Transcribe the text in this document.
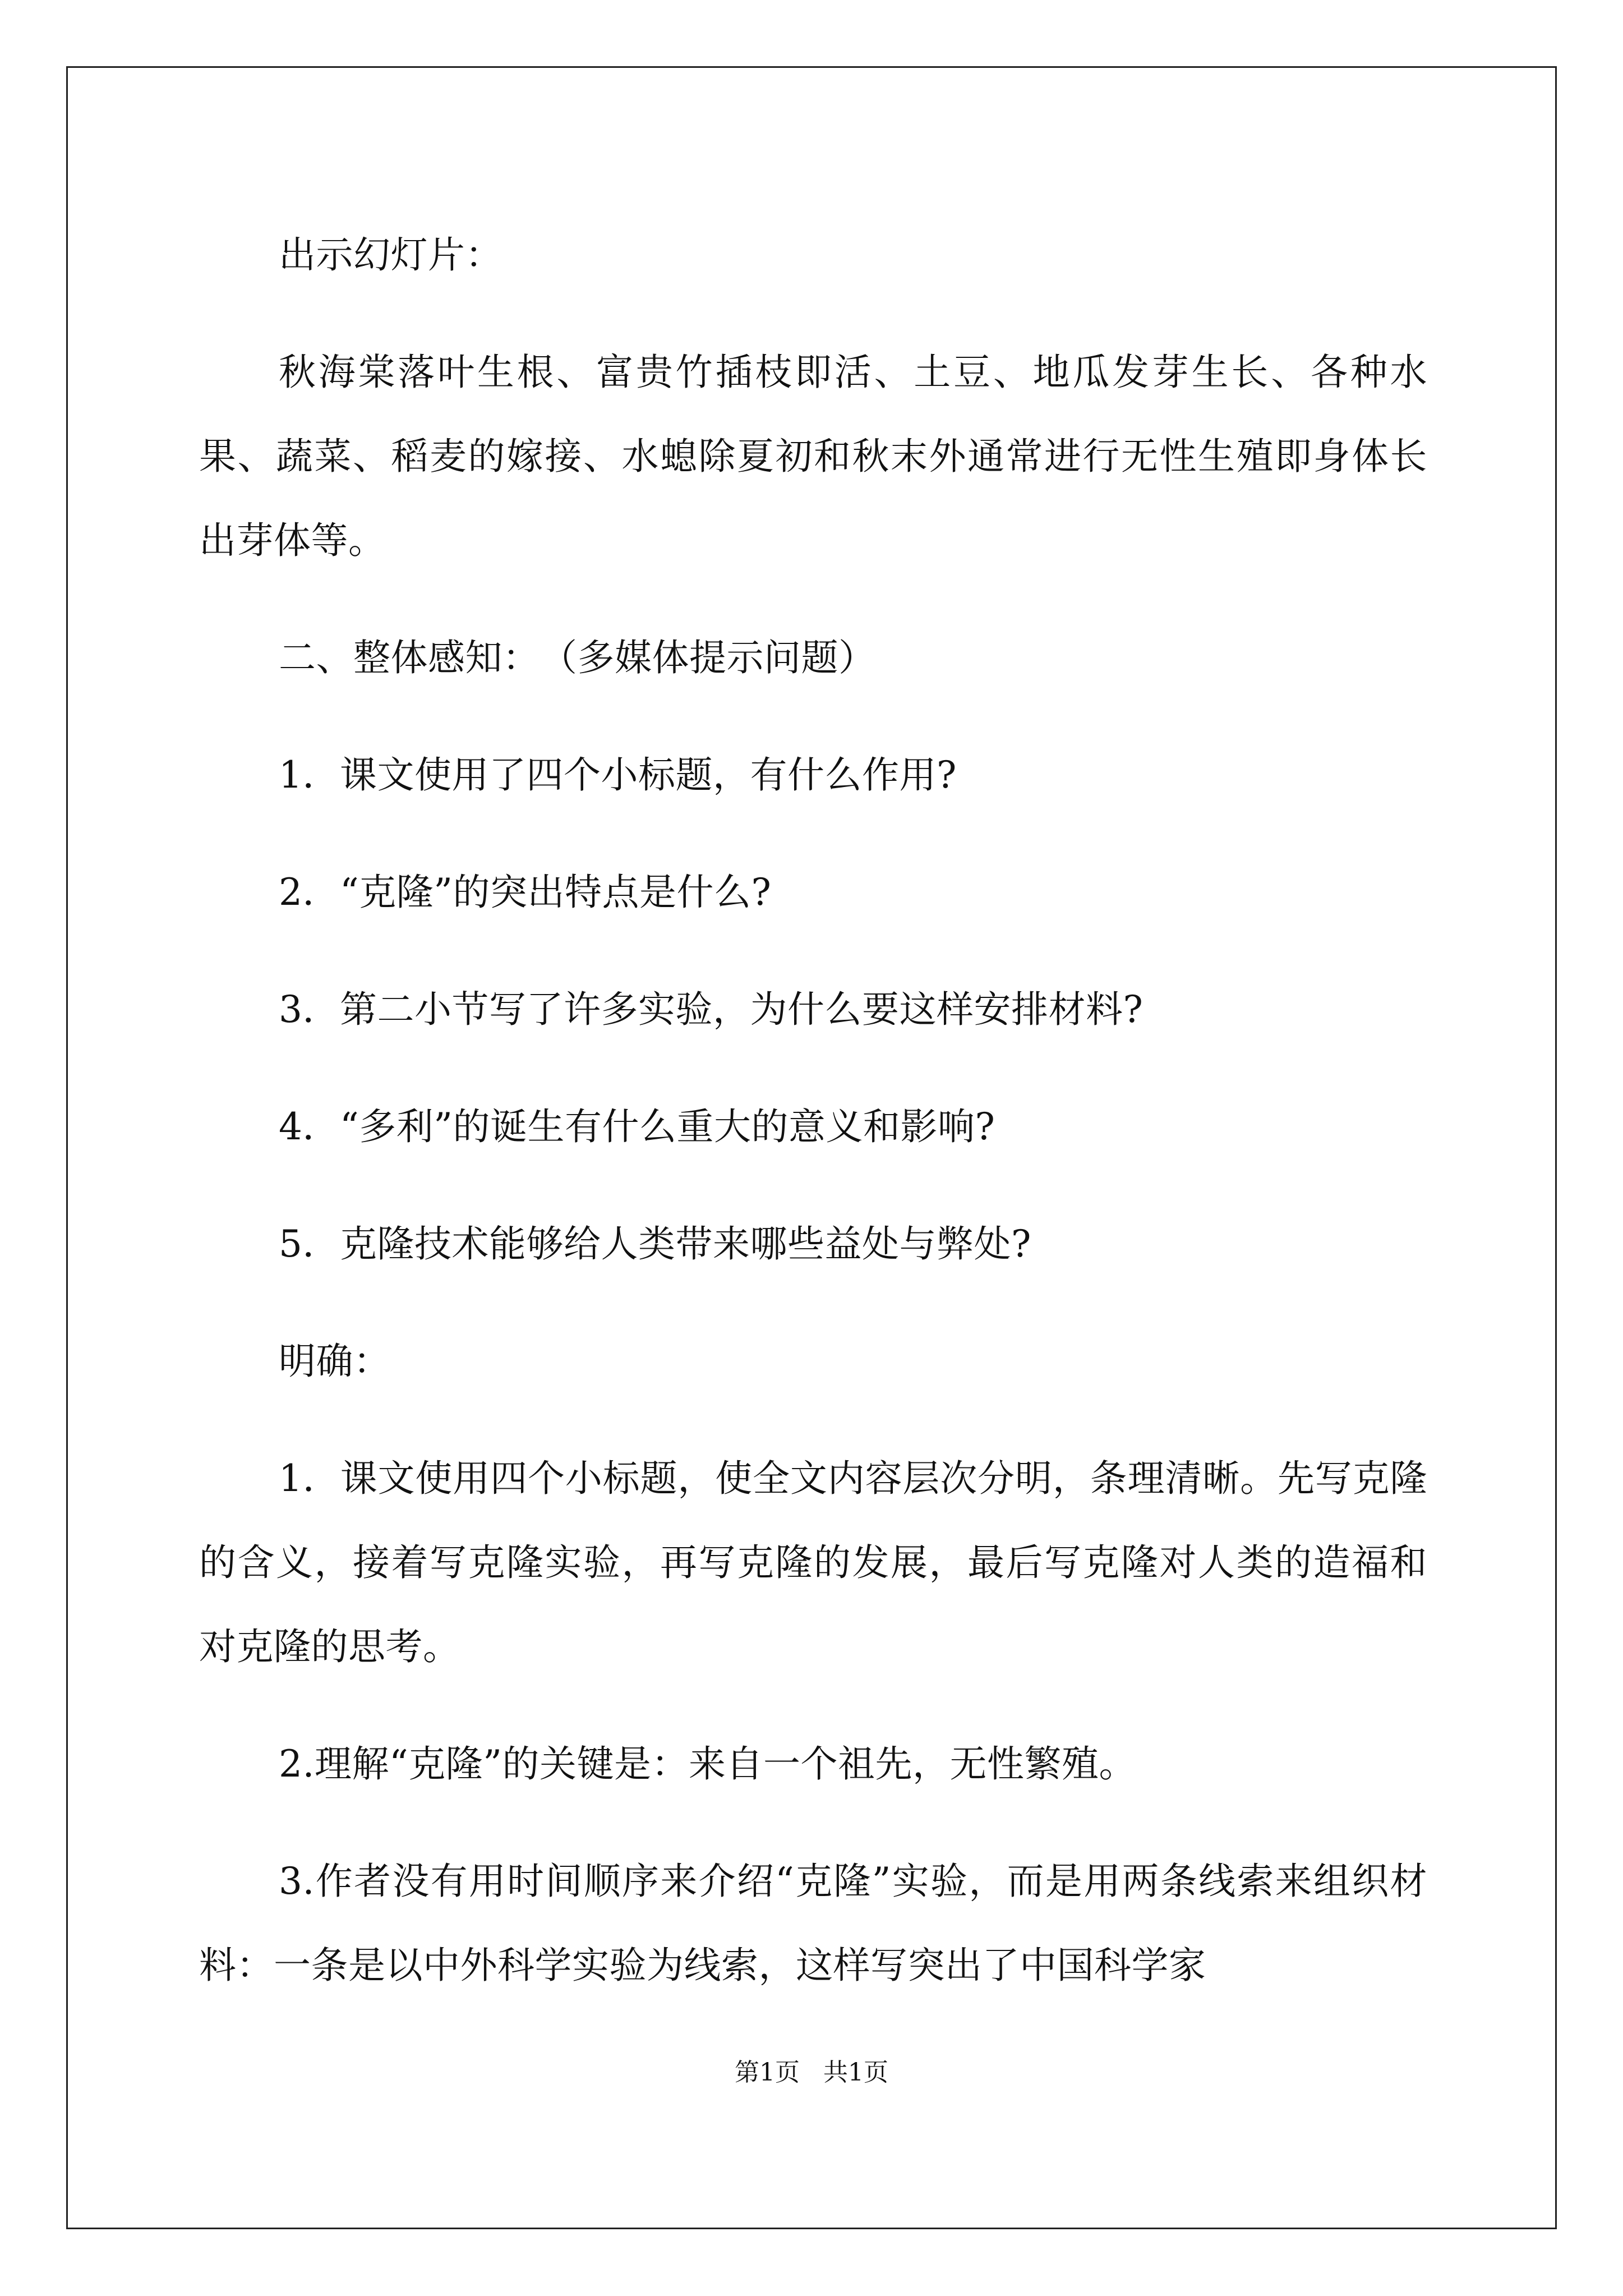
出示幻灯片：

秋海棠落叶生根、富贵竹插枝即活、土豆、地瓜发芽生长、各种水果、蔬菜、稻麦的嫁接、水螅除夏初和秋末外通常进行无性生殖即身体长出芽体等。

二、整体感知：　（多媒体提示问题）

1．课文使用了四个小标题，有什么作用?

2．“克隆”的突出特点是什么?

3．第二小节写了许多实验，为什么要这样安排材料?

4．“多利”的诞生有什么重大的意义和影响?

5．克隆技术能够给人类带来哪些益处与弊处?

明确：

1．课文使用四个小标题，使全文内容层次分明，条理清晰。先写克隆的含义，接着写克隆实验，再写克隆的发展，最后写克隆对人类的造福和对克隆的思考。

2.理解“克隆”的关键是：来自一个祖先，无性繁殖。

3.作者没有用时间顺序来介绍“克隆”实验，而是用两条线索来组织材料：一条是以中外科学实验为线索，这样写突出了中国科学家

第1页 共1页
